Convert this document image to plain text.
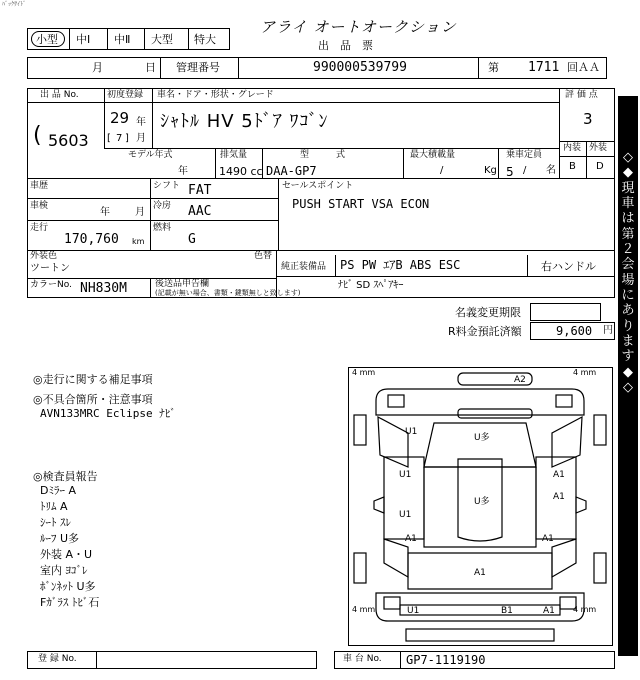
ﾊﾞｯｸｻｲﾄﾞ
小型 中Ⅰ 中Ⅱ 大型 特大
アライ オートオークション
出　品　票
月	日 管理番号	990000539799	第 1711 回ＡＡ
出 品 No.
( 5603
初度登録
29 年
[ 7 ] 月
車名・ドア・形状・グレード
ｼｬﾄﾙ HV 5ﾄﾞｱ ﾜｺﾞﾝ
評 価 点
3
内装 外装
B D
モデル年式
年
排気量
1490 cc
型　　　式
DAA-GP7
最大積載量
/	Kg
乗車定員
5 / 名
車歴	シフト FAT	セールスポイント
PUSH START VSA ECON
車検
年	月
冷房 AAC
走行
170,760 km
燃料
G
外装色
ツートン
色替
純正装備品 PS PW ｴｱB ABS ESC	右ハンドル
カラーNo. NH830M	後送品申告欄
(記載が無い場合、書類・鍵類無しと致します)
ﾅﾋﾞ SD ｽﾍﾟｱｷｰ
名義変更期限
R料金預託済額	9,600 円
◎走行に関する補足事項
◎不具合箇所・注意事項
AVN133MRC Eclipse ﾅﾋﾞ
◎検査員報告
Dﾐﾗｰ A
ﾄﾘﾑ A
ｼｰﾄ ｽﾚ
ﾙｰﾌ U多
外装 A・U
室内 ﾖｺﾞﾚ
ﾎﾞﾝﾈｯﾄ U多
Fｶﾞﾗｽ ﾄﾋﾞ石
4 mm	4 mm
4 mm	4 mm
A2
U多
U1
U1
U1
A1
A1
U多
A1	A1
A1
U1	B1	A1
登 録 No.	車 台 No. GP7-1119190
◇
◆
現
車
は
第
２
会
場
に
あ
り
ま
す
◆
◇
